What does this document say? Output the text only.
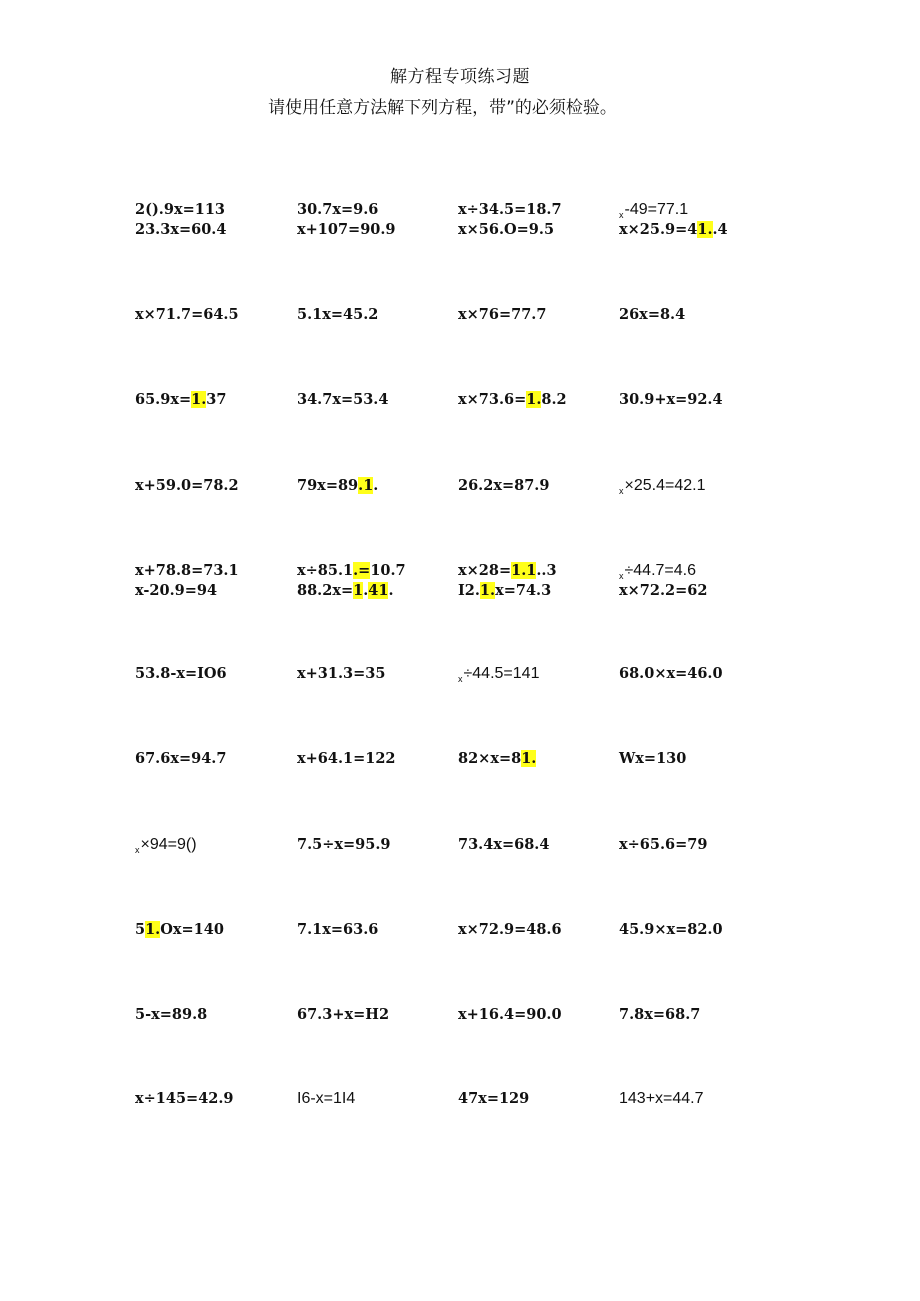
解方程专项练习题
请使用任意方法解下列方程，带”的必须检验。
2().9x=113	30.7x=9.6	x÷34.5=18.7	$_x$-49=77.1
23.3x=60.4	x+107=90.9	x×56.O=9.5	x×25.9=41..4
x×71.7=64.5	5.1x=45.2	x×76=77.7	26x=8.4
65.9x=1.37	34.7x=53.4	x×73.6=1.8.2	30.9+x=92.4
x+59.0=78.2	79x=89.1.	26.2x=87.9	$_x$×25.4=42.1
x+78.8=73.1	x÷85.1.=10.7	x×28=1.1..3	$_x$÷44.7=4.6
x-20.9=94	88.2x=1.41.	I2.1.x=74.3	x×72.2=62
53.8-x=IO6	x+31.3=35	$_x$÷44.5=141	68.0×x=46.0
67.6x=94.7	x+64.1=122	82×x=81.	Wx=130
$_x$×94=9()	7.5÷x=95.9	73.4x=68.4	x÷65.6=79
51.Ox=140	7.1x=63.6	x×72.9=48.6	45.9×x=82.0
5-x=89.8	67.3+x=H2	x+16.4=90.0	7.8x=68.7
x÷145=42.9	I6-x=1I4	47x=129	143+x=44.7
